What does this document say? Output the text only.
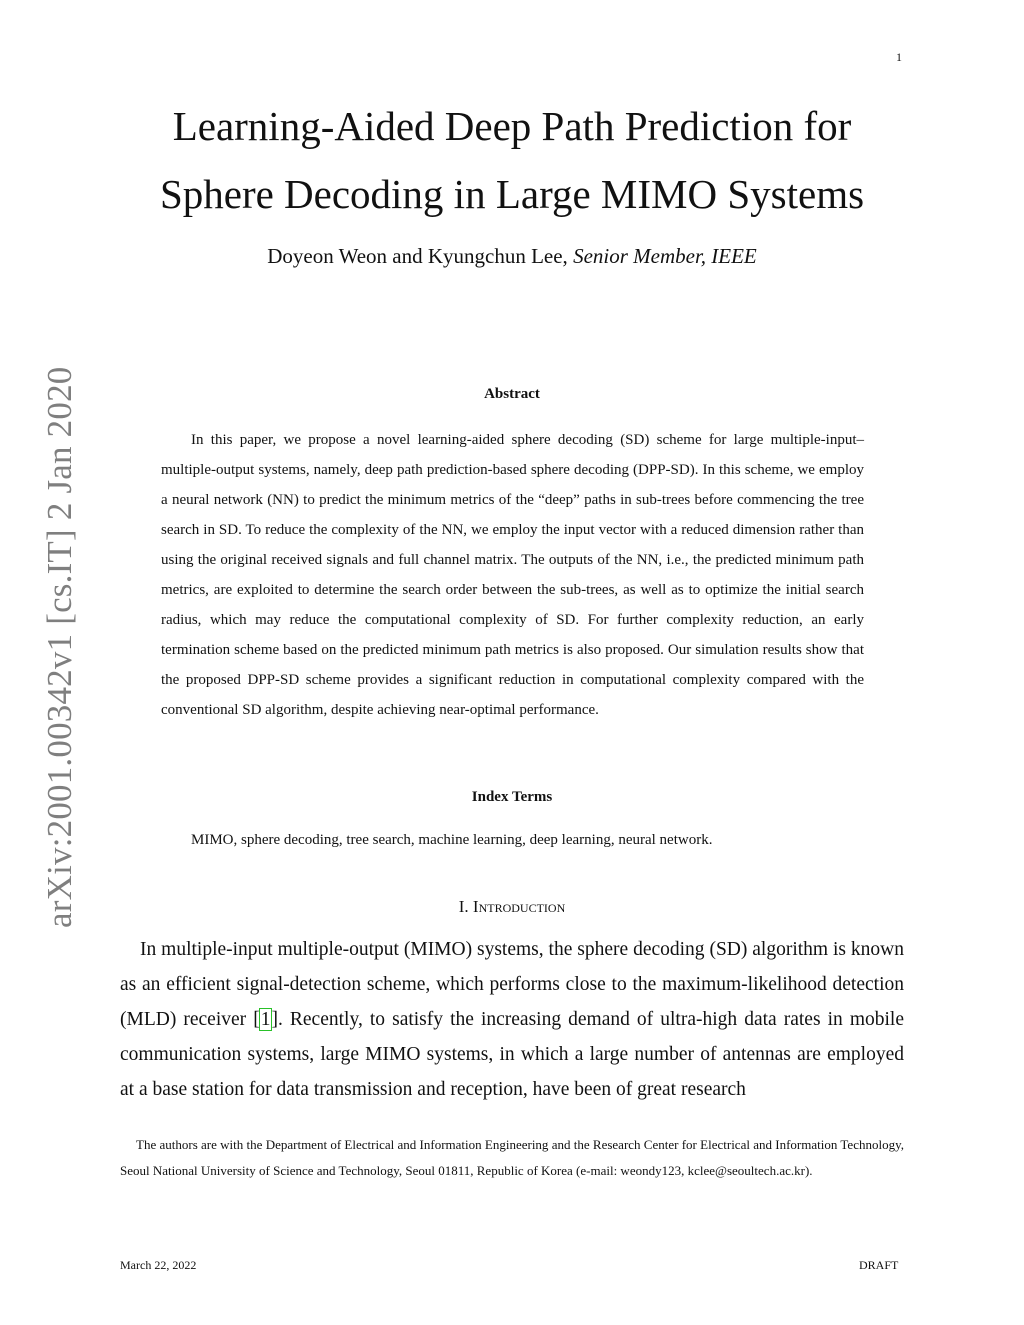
1
arXiv:2001.00342v1 [cs.IT] 2 Jan 2020
Learning-Aided Deep Path Prediction for
Sphere Decoding in Large MIMO Systems

Doyeon Weon and Kyungchun Lee, Senior Member, IEEE

Abstract

In this paper, we propose a novel learning-aided sphere decoding (SD) scheme for large multiple-input–multiple-output systems, namely, deep path prediction-based sphere decoding (DPP-SD). In this scheme, we employ a neural network (NN) to predict the minimum metrics of the “deep” paths in sub-trees before commencing the tree search in SD. To reduce the complexity of the NN, we employ the input vector with a reduced dimension rather than using the original received signals and full channel matrix. The outputs of the NN, i.e., the predicted minimum path metrics, are exploited to determine the search order between the sub-trees, as well as to optimize the initial search radius, which may reduce the computational complexity of SD. For further complexity reduction, an early termination scheme based on the predicted minimum path metrics is also proposed. Our simulation results show that the proposed DPP-SD scheme provides a significant reduction in computational complexity compared with the conventional SD algorithm, despite achieving near-optimal performance.

Index Terms

MIMO, sphere decoding, tree search, machine learning, deep learning, neural network.

I. Introduction

In multiple-input multiple-output (MIMO) systems, the sphere decoding (SD) algorithm is known as an efficient signal-detection scheme, which performs close to the maximum-likelihood detection (MLD) receiver [1]. Recently, to satisfy the increasing demand of ultra-high data rates in mobile communication systems, large MIMO systems, in which a large number of antennas are employed at a base station for data transmission and reception, have been of great research

The authors are with the Department of Electrical and Information Engineering and the Research Center for Electrical and Information Technology, Seoul National University of Science and Technology, Seoul 01811, Republic of Korea (e-mail: weondy123, kclee@seoultech.ac.kr).

March 22, 2022	DRAFT
